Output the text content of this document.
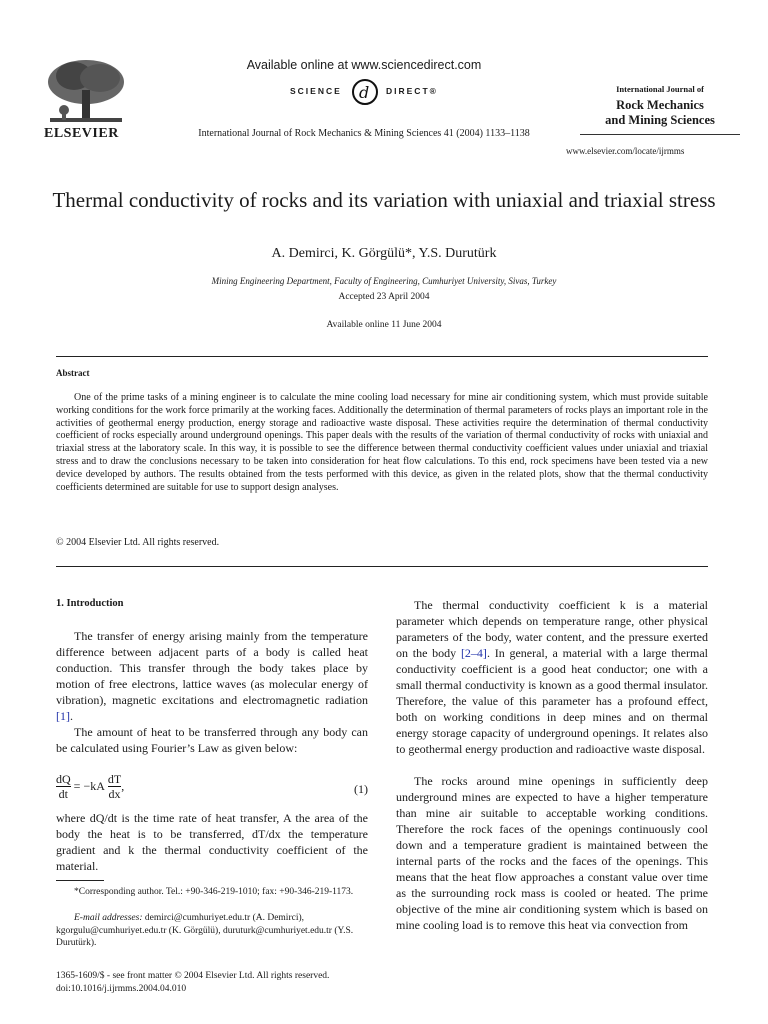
ELSEVIER
Available online at www.sciencedirect.com
SCIENCE d DIRECT®
International Journal of Rock Mechanics & Mining Sciences 41 (2004) 1133–1138
International Journal of
Rock Mechanics
and Mining Sciences
www.elsevier.com/locate/ijrmms
Thermal conductivity of rocks and its variation with uniaxial and triaxial stress
A. Demirci, K. Görgülü*, Y.S. Durutürk
Mining Engineering Department, Faculty of Engineering, Cumhuriyet University, Sivas, Turkey
Accepted 23 April 2004
Available online 11 June 2004
Abstract

One of the prime tasks of a mining engineer is to calculate the mine cooling load necessary for mine air conditioning system, which must provide suitable working conditions for the work force primarily at the working faces. Additionally the determination of thermal parameters of rocks plays an important role in the activities of geothermal energy production, energy storage and radioactive waste disposal. These activities require the determination of thermal conductivity coefficient of rocks especially around underground openings. This paper deals with the results of the variation of thermal conductivity of rocks with uniaxial and triaxial stress at the laboratory scale. In this way, it is possible to see the difference between thermal conductivity coefficient values under uniaxial and triaxial stress and to draw the conclusions necessary to be taken into consideration for heat flow calculations. To this end, rock specimens have been tested via a new device developed by authors. The results obtained from the tests performed with this device, as given in the related plots, show that the thermal conductivity coefficients determined are suitable for use to support design analyses.

© 2004 Elsevier Ltd. All rights reserved.
1. Introduction

The transfer of energy arising mainly from the temperature difference between adjacent parts of a body is called heat conduction. This transfer through the body takes place by motion of free electrons, lattice waves (as molecular energy of vibration), magnetic excitations and electromagnetic radiation [1].

The amount of heat to be transferred through any body can be calculated using Fourier’s Law as given below:

$\frac{dQ}{dt} = -kA \frac{dT}{dx}$ ,	(1)

where dQ/dt is the time rate of heat transfer, A the area of the body the heat is to be transferred, dT/dx the temperature gradient and k the thermal conductivity coefficient of the material.

*Corresponding author. Tel.: +90-346-219-1010; fax: +90-346-219-1173.

E-mail addresses: demirci@cumhuriyet.edu.tr (A. Demirci), kgorgulu@cumhuriyet.edu.tr (K. Görgülü), duruturk@cumhuriyet.edu.tr (Y.S. Durutürk).

1365-1609/$ - see front matter © 2004 Elsevier Ltd. All rights reserved.
doi:10.1016/j.ijrmms.2004.04.010

The thermal conductivity coefficient k is a material parameter which depends on temperature range, other physical parameters of the body, water content, and the pressure exerted on the body [2–4]. In general, a material with a large thermal conductivity coefficient is a good heat conductor; one with a small thermal conductivity is known as a good thermal insulator. Therefore, the value of this parameter has a profound effect, both on working conditions in deep mines and on thermal energy storage capacity of underground openings. It relates also to geothermal energy production and radioactive waste disposal.

The rocks around mine openings in sufficiently deep underground mines are expected to have a higher temperature than mine air suitable to acceptable working conditions. Therefore the rock faces of the openings continuously cool down and a temperature gradient is maintained between the internal parts of the rocks and the faces of the openings. This means that the heat flow approaches a constant value over time as the surrounding rock mass is cooled or heated. The prime objective of the mine air conditioning system which is based on mine cooling load is to remove this heat via convection from
